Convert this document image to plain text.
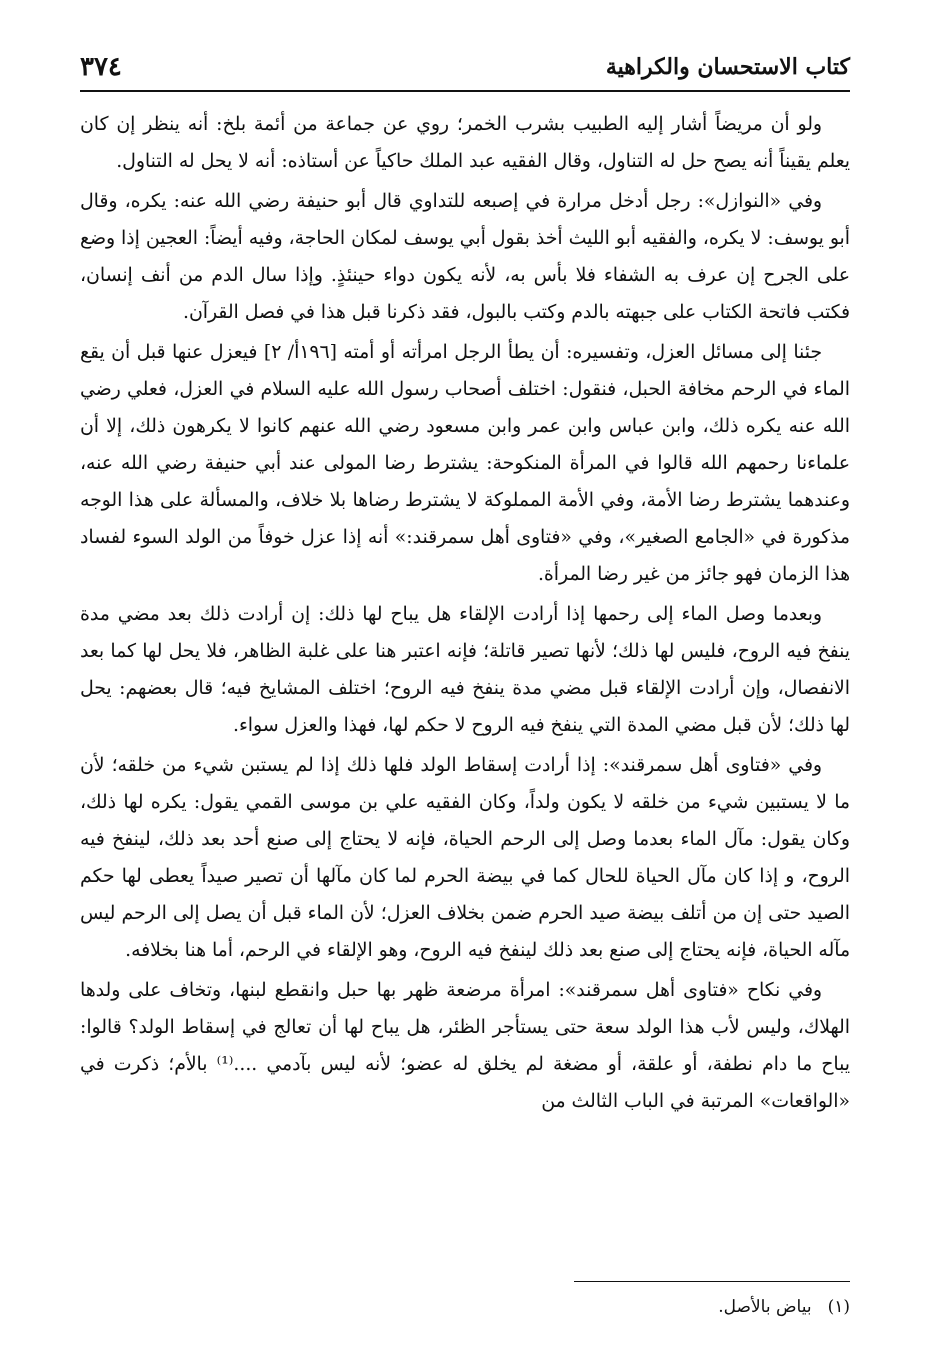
٣٧٤	كتاب الاستحسان والكراهية

ولو أن مريضاً أشار إليه الطبيب بشرب الخمر؛ روي عن جماعة من أئمة بلخ: أنه ينظر إن كان يعلم يقيناً أنه يصح حل له التناول، وقال الفقيه عبد الملك حاكياً عن أستاذه: أنه لا يحل له التناول.

وفي «النوازل»: رجل أدخل مرارة في إصبعه للتداوي قال أبو حنيفة رضي الله عنه: يكره، وقال أبو يوسف: لا يكره، والفقيه أبو الليث أخذ بقول أبي يوسف لمكان الحاجة، وفيه أيضاً: العجين إذا وضع على الجرح إن عرف به الشفاء فلا بأس به، لأنه يكون دواء حينئذٍ. وإذا سال الدم من أنف إنسان، فكتب فاتحة الكتاب على جبهته بالدم وكتب بالبول، فقد ذكرنا قبل هذا في فصل القرآن.

جئنا إلى مسائل العزل، وتفسيره: أن يطأ الرجل امرأته أو أمته [١٩٦أ/ ٢] فيعزل عنها قبل أن يقع الماء في الرحم مخافة الحبل، فنقول: اختلف أصحاب رسول الله عليه السلام في العزل، فعلي رضي الله عنه يكره ذلك، وابن عباس وابن عمر وابن مسعود رضي الله عنهم كانوا لا يكرهون ذلك، إلا أن علماءنا رحمهم الله قالوا في المرأة المنكوحة: يشترط رضا المولى عند أبي حنيفة رضي الله عنه، وعندهما يشترط رضا الأمة، وفي الأمة المملوكة لا يشترط رضاها بلا خلاف، والمسألة على هذا الوجه مذكورة في «الجامع الصغير»، وفي «فتاوى أهل سمرقند:» أنه إذا عزل خوفاً من الولد السوء لفساد هذا الزمان فهو جائز من غير رضا المرأة.

وبعدما وصل الماء إلى رحمها إذا أرادت الإلقاء هل يباح لها ذلك: إن أرادت ذلك بعد مضي مدة ينفخ فيه الروح، فليس لها ذلك؛ لأنها تصير قاتلة؛ فإنه اعتبر هنا على غلبة الظاهر، فلا يحل لها كما بعد الانفصال، وإن أرادت الإلقاء قبل مضي مدة ينفخ فيه الروح؛ اختلف المشايخ فيه؛ قال بعضهم: يحل لها ذلك؛ لأن قبل مضي المدة التي ينفخ فيه الروح لا حكم لها، فهذا والعزل سواء.

وفي «فتاوى أهل سمرقند»: إذا أرادت إسقاط الولد فلها ذلك إذا لم يستبن شيء من خلقه؛ لأن ما لا يستبين شيء من خلقه لا يكون ولداً، وكان الفقيه علي بن موسى القمي يقول: يكره لها ذلك، وكان يقول: مآل الماء بعدما وصل إلى الرحم الحياة، فإنه لا يحتاج إلى صنع أحد بعد ذلك، لينفخ فيه الروح، و إذا كان مآل الحياة للحال كما في بيضة الحرم لما كان مآلها أن تصير صيداً يعطى لها حكم الصيد حتى إن من أتلف بيضة صيد الحرم ضمن بخلاف العزل؛ لأن الماء قبل أن يصل إلى الرحم ليس مآله الحياة، فإنه يحتاج إلى صنع بعد ذلك لينفخ فيه الروح، وهو الإلقاء في الرحم، أما هنا بخلافه.

وفي نكاح «فتاوى أهل سمرقند»: امرأة مرضعة ظهر بها حبل وانقطع لبنها، وتخاف على ولدها الهلاك، وليس لأب هذا الولد سعة حتى يستأجر الظئر، هل يباح لها أن تعالج في إسقاط الولد؟ قالوا: يباح ما دام نطفة، أو علقة، أو مضغة لم يخلق له عضو؛ لأنه ليس بآدمي ....⁽¹⁾ بالأم؛ ذكرت في «الواقعات» المرتبة في الباب الثالث من

(١)
بياض بالأصل.
